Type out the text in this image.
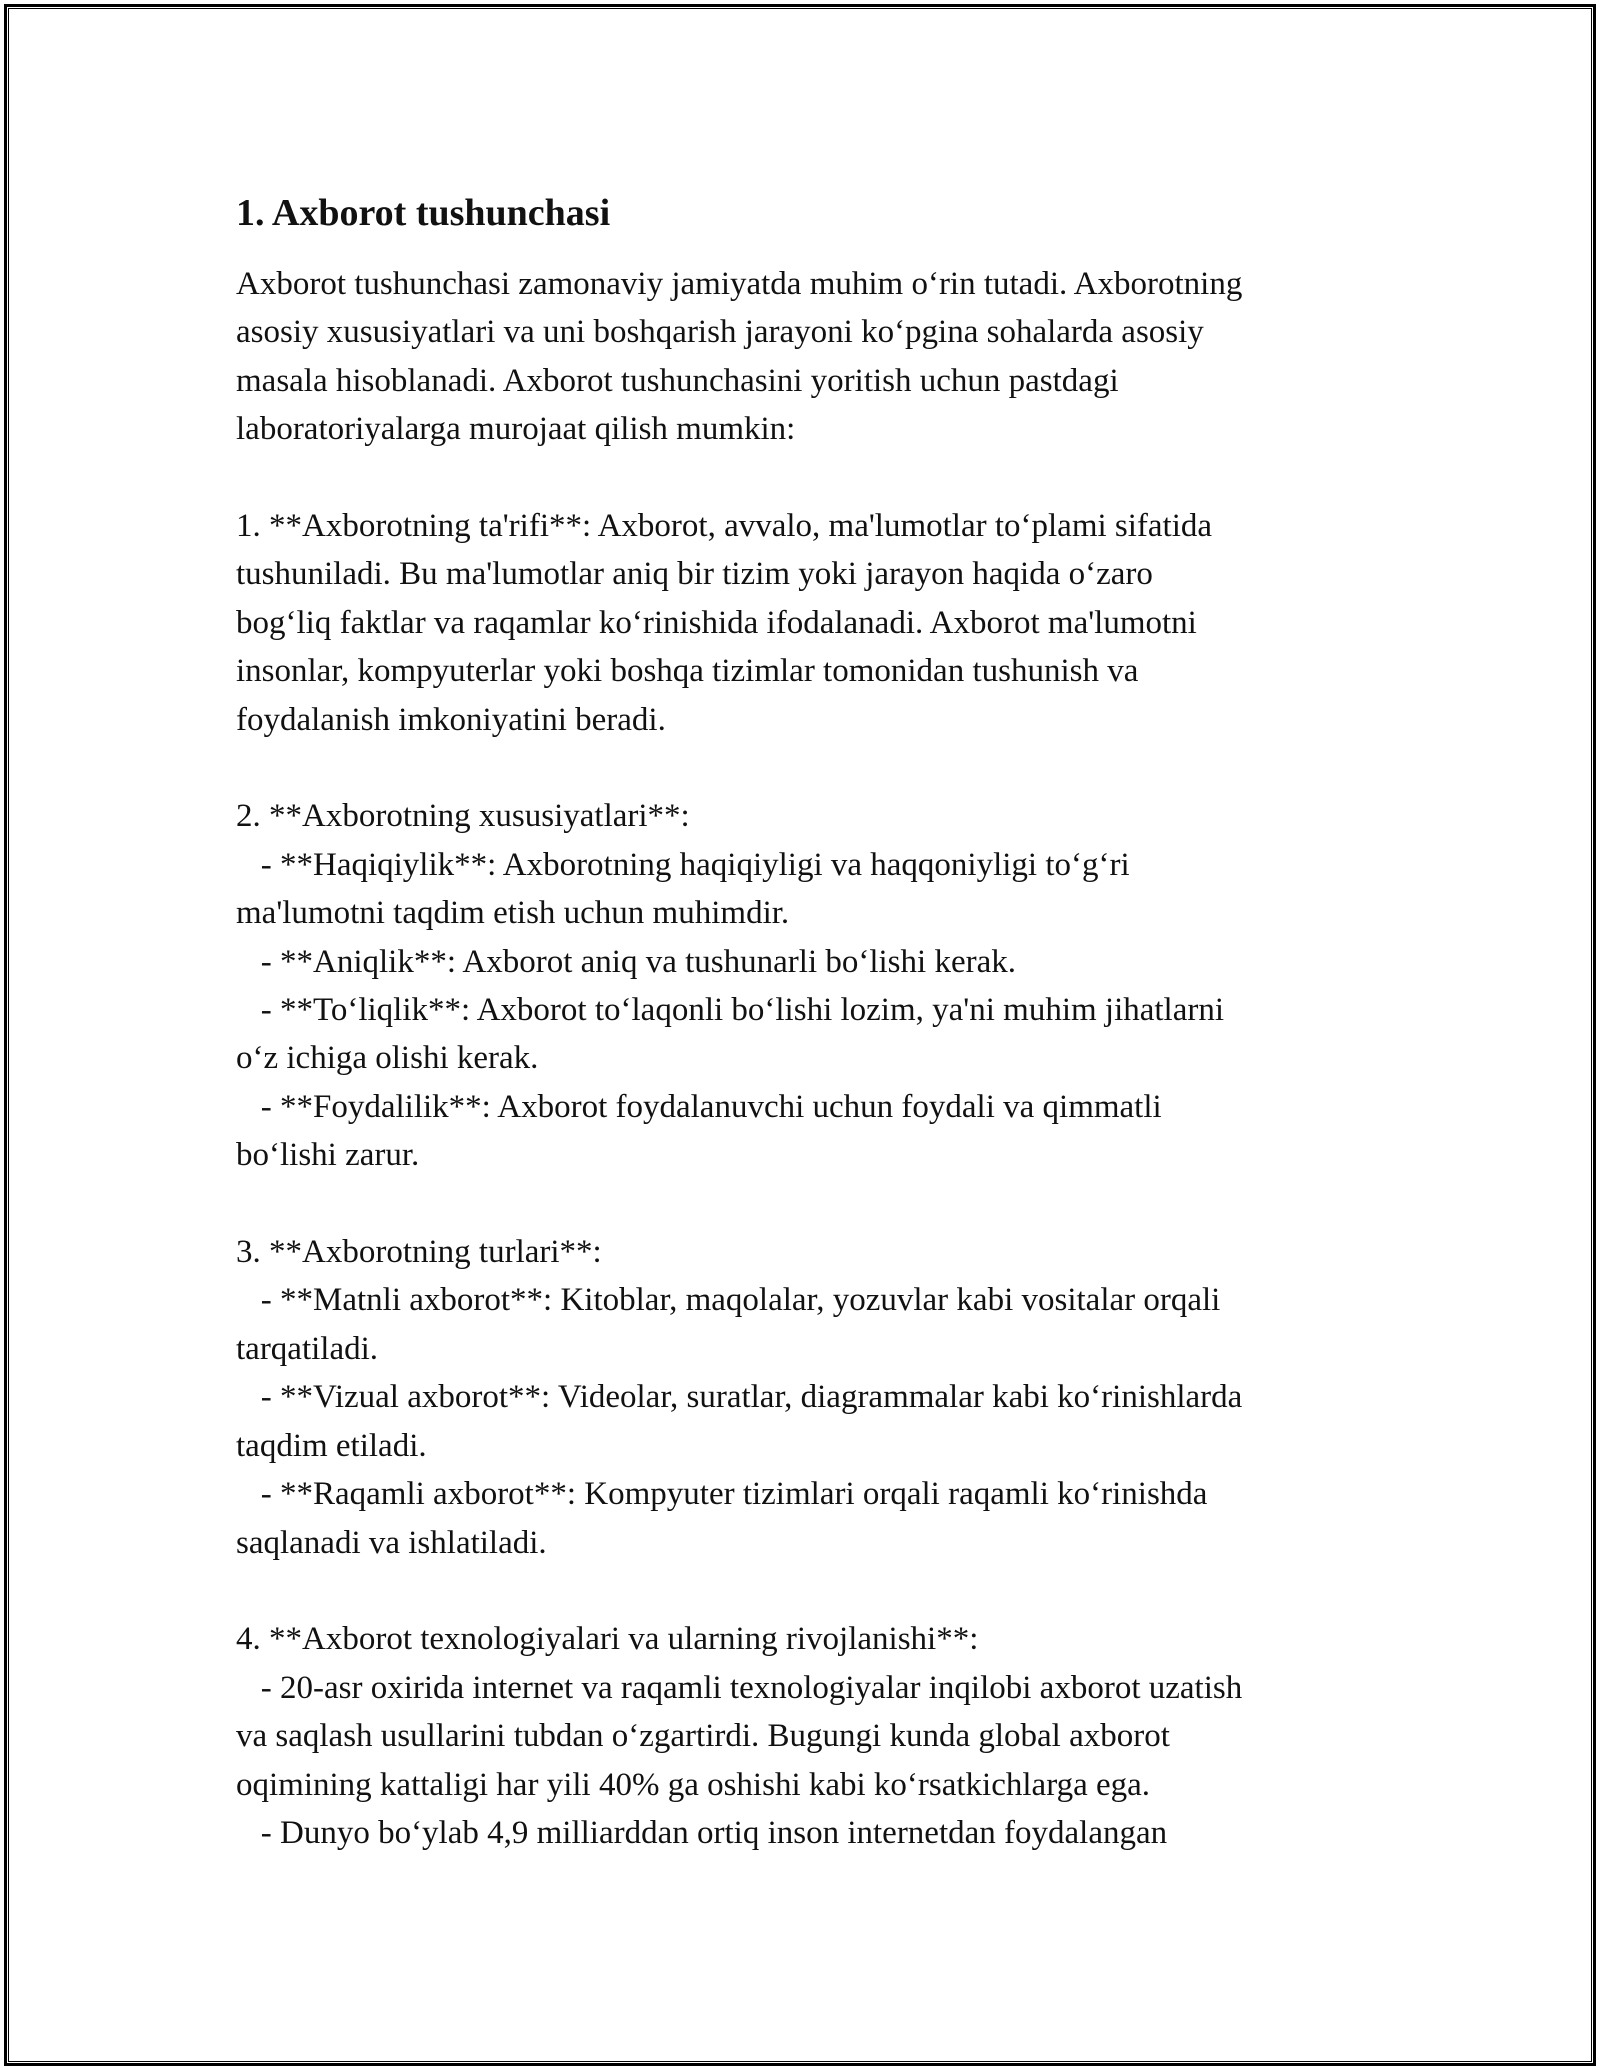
1. Axborot tushunchasi

Axborot tushunchasi zamonaviy jamiyatda muhim o‘rin tutadi. Axborotning

asosiy xususiyatlari va uni boshqarish jarayoni ko‘pgina sohalarda asosiy

masala hisoblanadi. Axborot tushunchasini yoritish uchun pastdagi

laboratoriyalarga murojaat qilish mumkin:

1. **Axborotning ta'rifi**: Axborot, avvalo, ma'lumotlar to‘plami sifatida

tushuniladi. Bu ma'lumotlar aniq bir tizim yoki jarayon haqida o‘zaro

bog‘liq faktlar va raqamlar ko‘rinishida ifodalanadi. Axborot ma'lumotni

insonlar, kompyuterlar yoki boshqa tizimlar tomonidan tushunish va

foydalanish imkoniyatini beradi.

2. **Axborotning xususiyatlari**:

- **Haqiqiylik**: Axborotning haqiqiyligi va haqqoniyligi to‘g‘ri

ma'lumotni taqdim etish uchun muhimdir.

- **Aniqlik**: Axborot aniq va tushunarli bo‘lishi kerak.

- **To‘liqlik**: Axborot to‘laqonli bo‘lishi lozim, ya'ni muhim jihatlarni

o‘z ichiga olishi kerak.

- **Foydalilik**: Axborot foydalanuvchi uchun foydali va qimmatli

bo‘lishi zarur.

3. **Axborotning turlari**:

- **Matnli axborot**: Kitoblar, maqolalar, yozuvlar kabi vositalar orqali

tarqatiladi.

- **Vizual axborot**: Videolar, suratlar, diagrammalar kabi ko‘rinishlarda

taqdim etiladi.

- **Raqamli axborot**: Kompyuter tizimlari orqali raqamli ko‘rinishda

saqlanadi va ishlatiladi.

4. **Axborot texnologiyalari va ularning rivojlanishi**:

- 20-asr oxirida internet va raqamli texnologiyalar inqilobi axborot uzatish

va saqlash usullarini tubdan o‘zgartirdi. Bugungi kunda global axborot

oqimining kattaligi har yili 40% ga oshishi kabi ko‘rsatkichlarga ega.

- Dunyo bo‘ylab 4,9 milliarddan ortiq inson internetdan foydalangan
